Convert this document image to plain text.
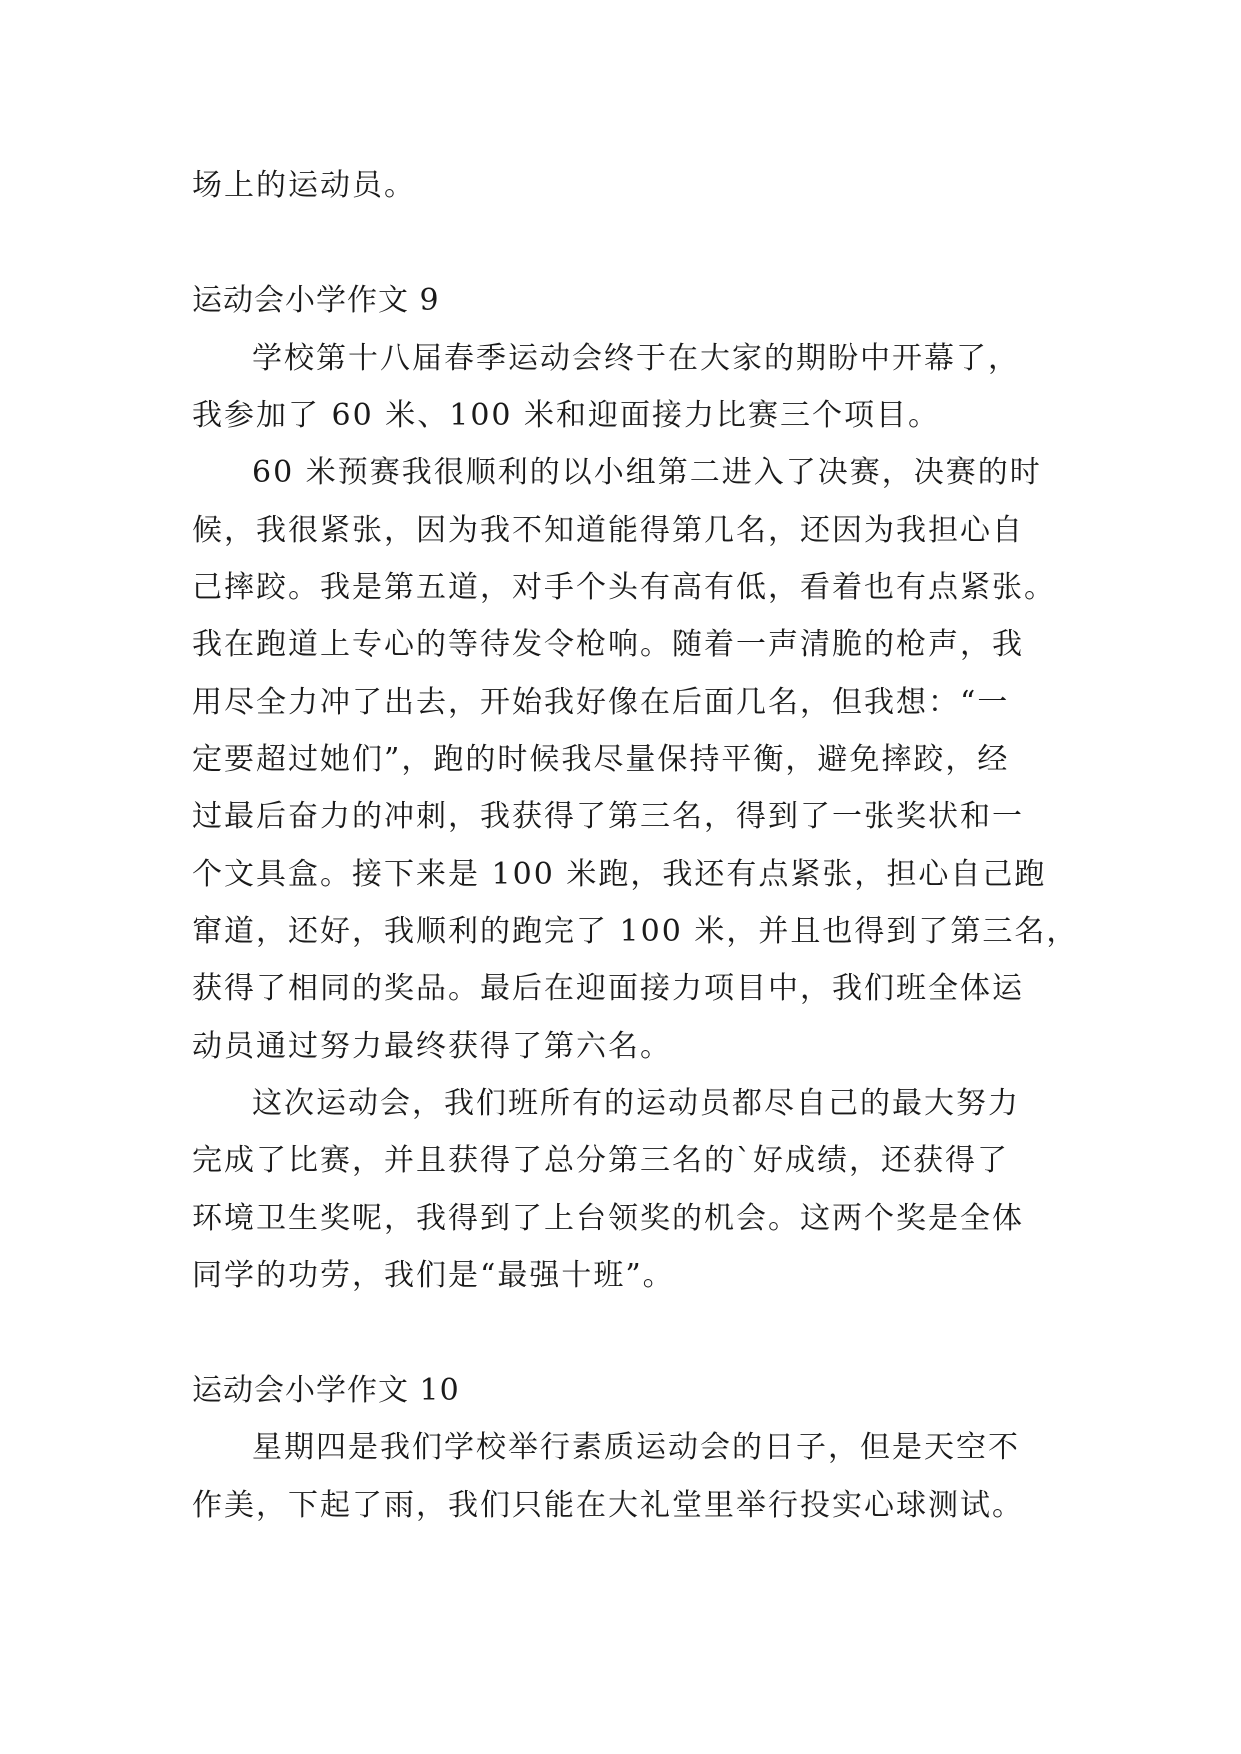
场上的运动员。

运动会小学作文 9

学校第十八届春季运动会终于在大家的期盼中开幕了，

我参加了 60 米、100 米和迎面接力比赛三个项目。

60 米预赛我很顺利的以小组第二进入了决赛，决赛的时

候，我很紧张，因为我不知道能得第几名，还因为我担心自

己摔跤。我是第五道，对手个头有高有低，看着也有点紧张。

我在跑道上专心的等待发令枪响。随着一声清脆的枪声，我

用尽全力冲了出去，开始我好像在后面几名，但我想：“一

定要超过她们”，跑的时候我尽量保持平衡，避免摔跤，经

过最后奋力的冲刺，我获得了第三名，得到了一张奖状和一

个文具盒。接下来是 100 米跑，我还有点紧张，担心自己跑

窜道，还好，我顺利的跑完了 100 米，并且也得到了第三名，

获得了相同的奖品。最后在迎面接力项目中，我们班全体运

动员通过努力最终获得了第六名。

这次运动会，我们班所有的运动员都尽自己的最大努力

完成了比赛，并且获得了总分第三名的`好成绩，还获得了

环境卫生奖呢，我得到了上台领奖的机会。这两个奖是全体

同学的功劳，我们是“最强十班”。

运动会小学作文 10

星期四是我们学校举行素质运动会的日子，但是天空不

作美，下起了雨，我们只能在大礼堂里举行投实心球测试。
